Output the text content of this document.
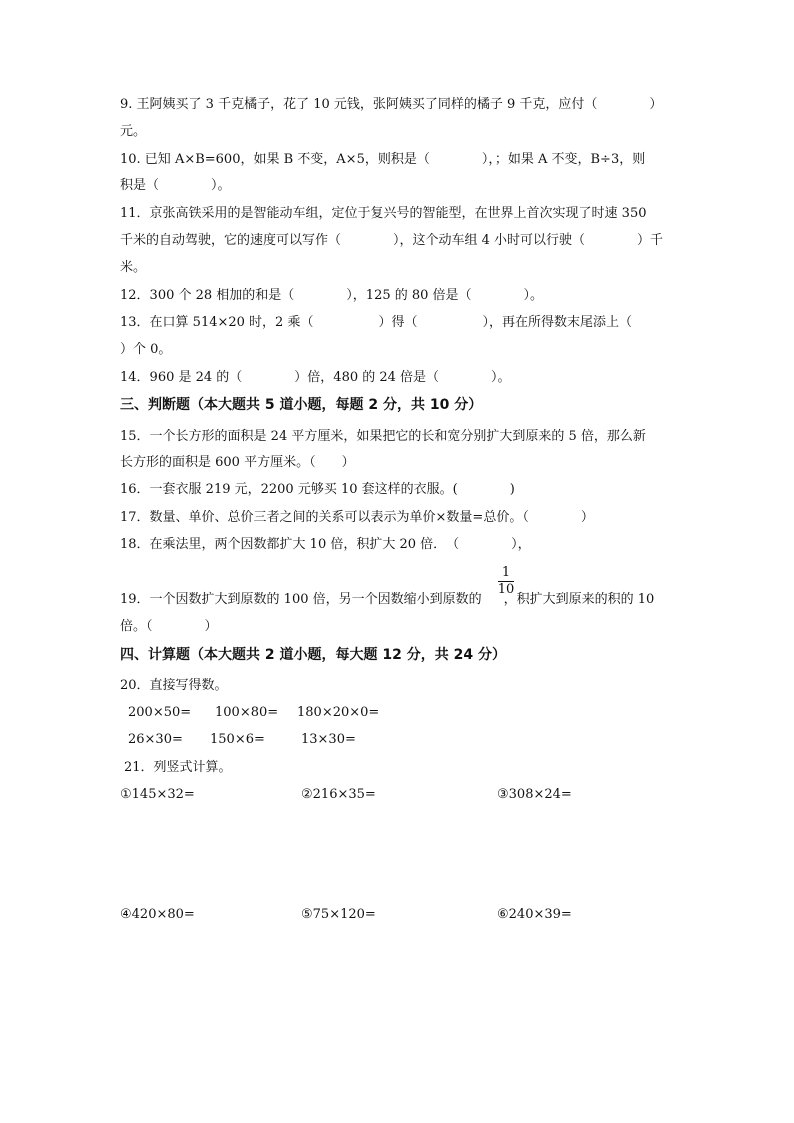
9. 王阿姨买了 3 千克橘子，花了 10 元钱，张阿姨买了同样的橘子 9 千克，应付（　　　　）
元。
10. 已知 A×B=600，如果 B 不变，A×5，则积是（　　　　），；如果 A 不变，B÷3，则
积是（　　　　）。
11．京张高铁采用的是智能动车组，定位于复兴号的智能型，在世界上首次实现了时速 350
千米的自动驾驶，它的速度可以写作（　　　　），这个动车组 4 小时可以行驶（　　　　）千
米。
12．300 个 28 相加的和是（　　　　），125 的 80 倍是（　　　　）。
13．在口算 514×20 时，2 乘（　　　　　）得（　　　　　），再在所得数末尾添上（
）个 0。
14．960 是 24 的（　　　　）倍，480 的 24 倍是（　　　　）。
三、判断题（本大题共 5 道小题，每题 2 分，共 10 分）
15．一个长方形的面积是 24 平方厘米，如果把它的长和宽分别扩大到原来的 5 倍，那么新
长方形的面积是 600 平方厘米。（　　）
16．一套衣服 219 元，2200 元够买 10 套这样的衣服。(　　　　)
17．数量、单价、总价三者之间的关系可以表示为单价×数量=总价。（　　　　）
18．在乘法里，两个因数都扩大 10 倍，积扩大 20 倍．　（　　　　），
19．一个因数扩大到原数的 100 倍，另一个因数缩小到原数的 ，积扩大到原来的积的 10
1
10
倍。（　　　　）
四、计算题（本大题共 2 道小题，每大题 12 分，共 24 分）
20．直接写得数。
200×50= 100×80= 180×20×0=
26×30= 150×6=	13×30=
21．列竖式计算。
①145×32=	②216×35=	③308×24=
④420×80=	⑤75×120=	⑥240×39=
